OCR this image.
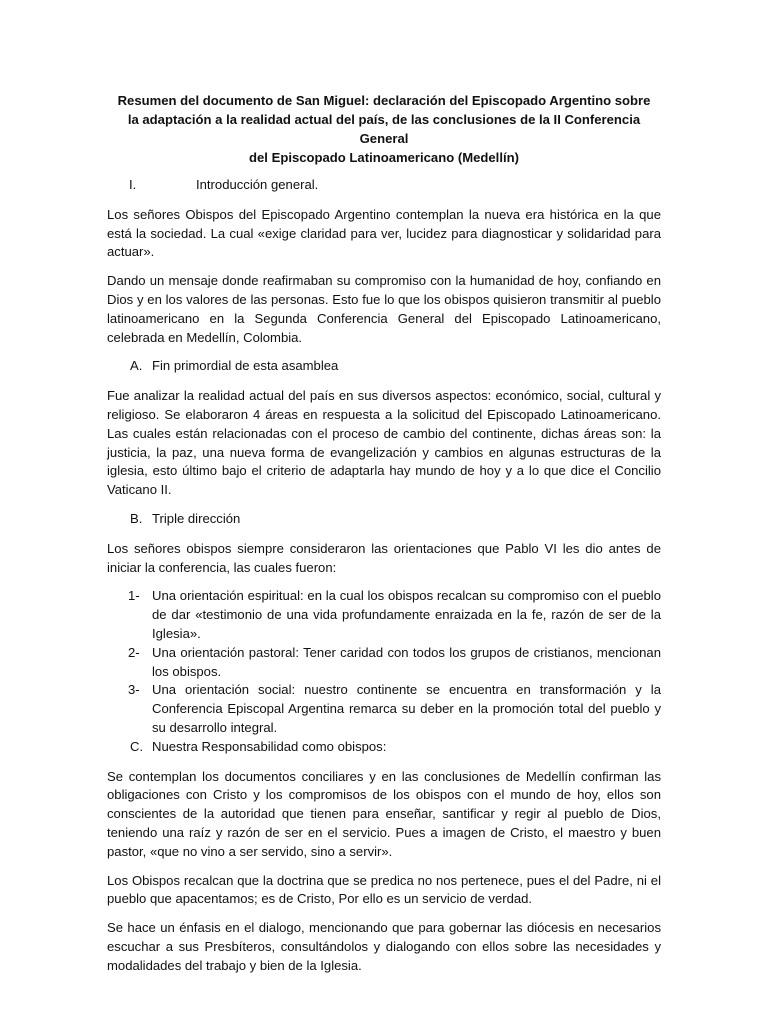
Resumen del documento de San Miguel: declaración del Episcopado Argentino sobre
la adaptación a la realidad actual del país, de las conclusiones de la II Conferencia General
del Episcopado Latinoamericano (Medellín)
I.	Introducción general.

Los señores Obispos del Episcopado Argentino contemplan la nueva era histórica en la que está la sociedad. La cual «exige claridad para ver, lucidez para diagnosticar y solidaridad para actuar».

Dando un mensaje donde reafirmaban su compromiso con la humanidad de hoy, confiando en Dios y en los valores de las personas. Esto fue lo que los obispos quisieron transmitir al pueblo latinoamericano en la Segunda Conferencia General del Episcopado Latinoamericano, celebrada en Medellín, Colombia.

A. Fin primordial de esta asamblea

Fue analizar la realidad actual del país en sus diversos aspectos: económico, social, cultural y religioso. Se elaboraron 4 áreas en respuesta a la solicitud del Episcopado Latinoamericano. Las cuales están relacionadas con el proceso de cambio del continente, dichas áreas son: la justicia, la paz, una nueva forma de evangelización y cambios en algunas estructuras de la iglesia, esto último bajo el criterio de adaptarla hay mundo de hoy y a lo que dice el Concilio Vaticano II.

B. Triple dirección

Los señores obispos siempre consideraron las orientaciones que Pablo VI les dio antes de iniciar la conferencia, las cuales fueron:

1- Una orientación espiritual: en la cual los obispos recalcan su compromiso con el pueblo de dar «testimonio de una vida profundamente enraizada en la fe, razón de ser de la Iglesia».
2- Una orientación pastoral: Tener caridad con todos los grupos de cristianos, mencionan los obispos.
3- Una orientación social: nuestro continente se encuentra en transformación y la Conferencia Episcopal Argentina remarca su deber en la promoción total del pueblo y su desarrollo integral.
C. Nuestra Responsabilidad como obispos:

Se contemplan los documentos conciliares y en las conclusiones de Medellín confirman las obligaciones con Cristo y los compromisos de los obispos con el mundo de hoy, ellos son conscientes de la autoridad que tienen para enseñar, santificar y regir al pueblo de Dios, teniendo una raíz y razón de ser en el servicio. Pues a imagen de Cristo, el maestro y buen pastor, «que no vino a ser servido, sino a servir».

Los Obispos recalcan que la doctrina que se predica no nos pertenece, pues el del Padre, ni el pueblo que apacentamos; es de Cristo, Por ello es un servicio de verdad.

Se hace un énfasis en el dialogo, mencionando que para gobernar las diócesis en necesarios escuchar a sus Presbíteros, consultándolos y dialogando con ellos sobre las necesidades y modalidades del trabajo y bien de la Iglesia.
